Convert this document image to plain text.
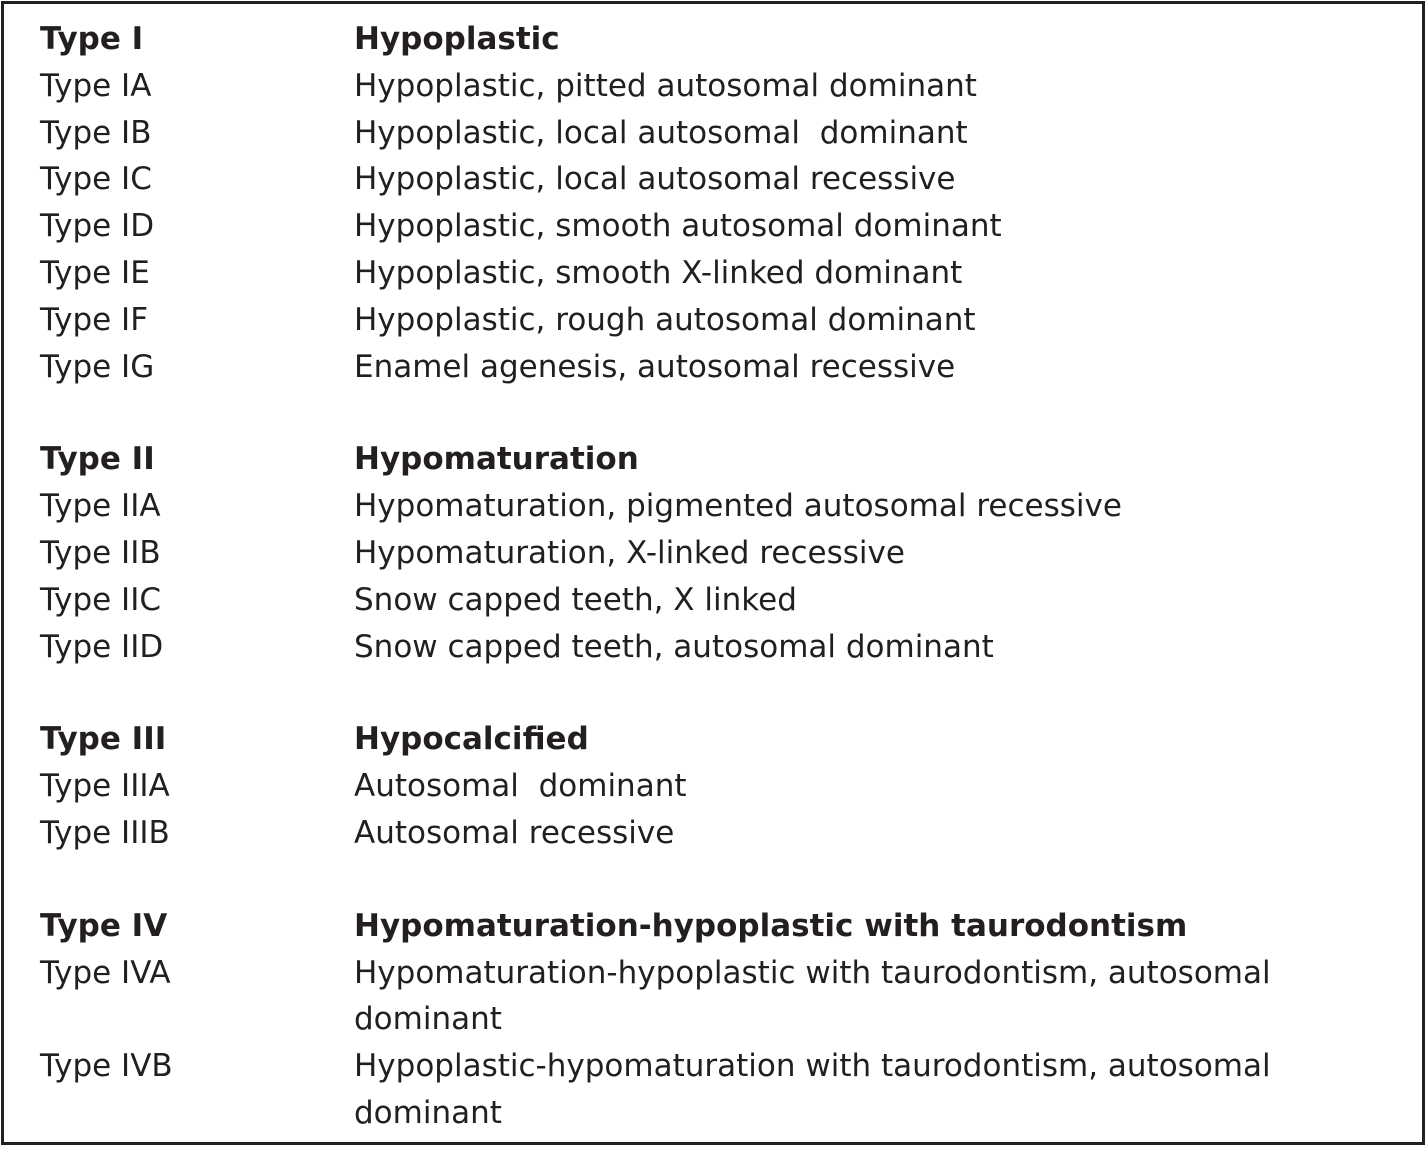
Type I	Hypoplastic
Type IA	Hypoplastic, pitted autosomal dominant
Type IB	Hypoplastic, local autosomal  dominant
Type IC	Hypoplastic, local autosomal recessive
Type ID	Hypoplastic, smooth autosomal dominant
Type IE	Hypoplastic, smooth X-linked dominant
Type IF	Hypoplastic, rough autosomal dominant
Type IG	Enamel agenesis, autosomal recessive
Type II	Hypomaturation
Type IIA	Hypomaturation, pigmented autosomal recessive
Type IIB	Hypomaturation, X-linked recessive
Type IIC	Snow capped teeth, X linked
Type IID	Snow capped teeth, autosomal dominant
Type III	Hypocalcified
Type IIIA	Autosomal  dominant
Type IIIB	Autosomal recessive
Type IV	Hypomaturation-hypoplastic with taurodontism
Type IVA	Hypomaturation-hypoplastic with taurodontism, autosomal dominant
Type IVB	Hypoplastic-hypomaturation with taurodontism, autosomal dominant
